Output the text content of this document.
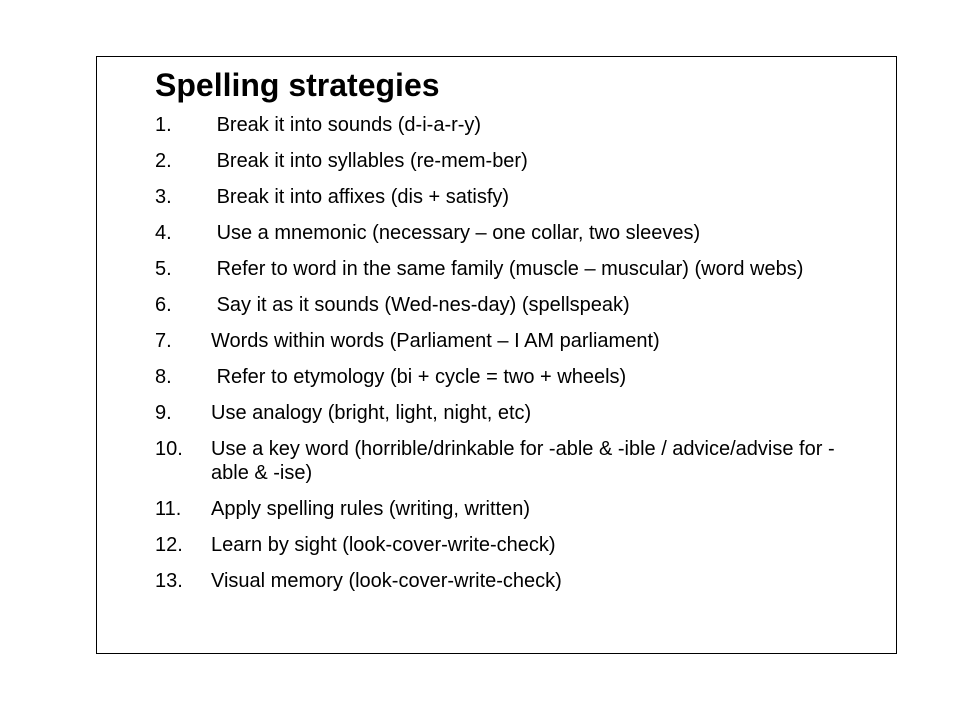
Spelling strategies
1. Break it into sounds (d-i-a-r-y)
2. Break it into syllables (re-mem-ber)
3. Break it into affixes (dis + satisfy)
4. Use a mnemonic (necessary – one collar, two sleeves)
5. Refer to word in the same family (muscle – muscular) (word webs)
6. Say it as it sounds (Wed-nes-day) (spellspeak)
7. Words within words (Parliament – I AM parliament)
8. Refer to etymology (bi + cycle = two + wheels)
9. Use analogy (bright, light, night, etc)
10. Use a key word (horrible/drinkable for -able & -ible / advice/advise for -able & -ise)
11. Apply spelling rules (writing, written)
12. Learn by sight (look-cover-write-check)
13. Visual memory (look-cover-write-check)
